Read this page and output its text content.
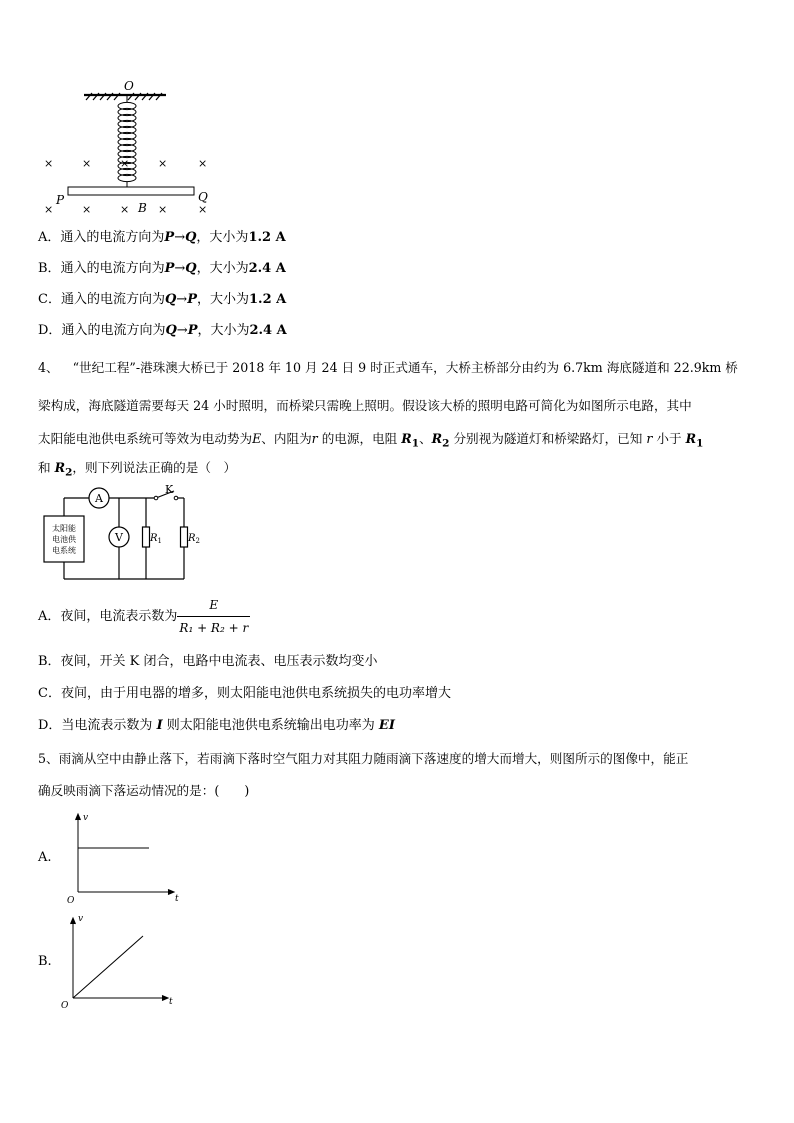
O
×	×	×	×	×
×	×	×	×	×
P	Q
B
A．通入的电流方向为P→Q，大小为1.2 A
B．通入的电流方向为P→Q，大小为2.4 A
C．通入的电流方向为Q→P，大小为1.2 A
D．通入的电流方向为Q→P，大小为2.4 A
4、 “世纪工程”-港珠澳大桥已于 2018 年 10 月 24 日 9 时正式通车，大桥主桥部分由约为 6.7km 海底隧道和 22.9km 桥
梁构成，海底隧道需要每天 24 小时照明，而桥梁只需晚上照明。假设该大桥的照明电路可简化为如图所示电路，其中
太阳能电池供电系统可等效为电动势为E、内阻为r 的电源，电阻 $R_1$、$R_2$ 分别视为隧道灯和桥梁路灯，已知 r 小于 $R_1$
和 $R_2$，则下列说法正确的是（　）
太阳能
电池供
电系统
A
V
K
$R_1$	$R_2$
A．夜间，电流表示数为 $\frac{E}{\text{R₁ + R₂ + r}}$
B．夜间，开关 K 闭合，电路中电流表、电压表示数均变小
C．夜间，由于用电器的增多，则太阳能电池供电系统损失的电功率增大
D．当电流表示数为 I 则太阳能电池供电系统输出电功率为 EI
5、雨滴从空中由静止落下，若雨滴下落时空气阻力对其阻力随雨滴下落速度的增大而增大，则图所示的图像中，能正
确反映雨滴下落运动情况的是：(　　)
A.
v
t
O
B.
v
t
O
